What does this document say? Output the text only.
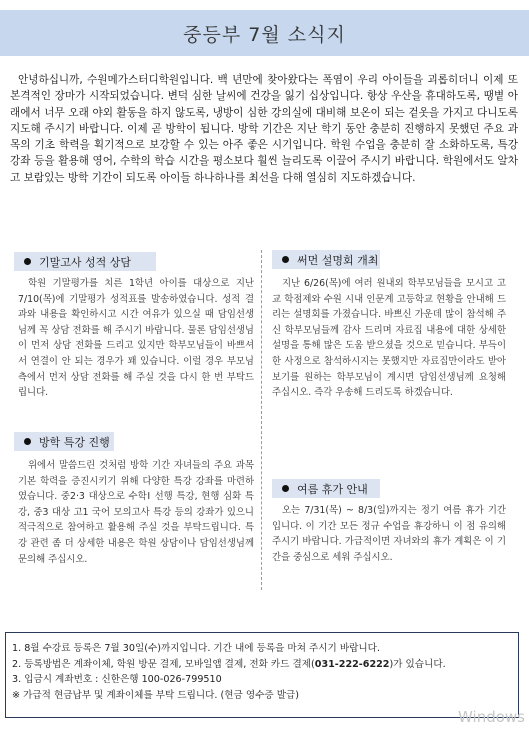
중등부 7월 소식지

안녕하십니까, 수원메가스터디학원입니다. 백 년만에 찾아왔다는 폭염이 우리 아이들을 괴롭히더니 이제 또 본격적인 장마가 시작되었습니다. 변덕 심한 날씨에 건강을 잃기 십상입니다. 항상 우산을 휴대하도록, 땡볕 아래에서 너무 오래 야외 활동을 하지 않도록, 냉방이 심한 강의실에 대비해 보온이 되는 겉옷을 가지고 다니도록 지도해 주시기 바랍니다. 이제 곧 방학이 됩니다. 방학 기간은 지난 학기 동안 충분히 진행하지 못했던 주요 과목의 기초 학력을 획기적으로 보강할 수 있는 아주 좋은 시기입니다. 학원 수업을 충분히 잘 소화하도록, 특강 강좌 등을 활용해 영어, 수학의 학습 시간을 평소보다 훨씬 늘리도록 이끌어 주시기 바랍니다. 학원에서도 알차고 보람있는 방학 기간이 되도록 아이들 하나하나를 최선을 다해 열심히 지도하겠습니다.

기말고사 성적 상담

학원 기말평가를 치른 1학년 아이를 대상으로 지난 7/10(목)에 기말평가 성적표를 발송하였습니다. 성적 결과와 내용을 확인하시고 시간 여유가 있으실 때 담임선생님께 꼭 상담 전화를 해 주시기 바랍니다. 물론 담임선생님이 먼저 상담 전화를 드리고 있지만 학부모님들이 바쁘셔서 연결이 안 되는 경우가 꽤 있습니다. 이럴 경우 부모님측에서 먼저 상담 전화를 해 주실 것을 다시 한 번 부탁드립니다.

방학 특강 진행

위에서 말씀드린 것처럼 방학 기간 자녀들의 주요 과목 기본 학력을 증진시키기 위해 다양한 특강 강좌를 마련하였습니다. 중2·3 대상으로 수학Ⅰ 선행 특강, 현행 심화 특강, 중3 대상 고1 국어 모의고사 특강 등의 강좌가 있으니 적극적으로 참여하고 활용해 주실 것을 부탁드립니다. 특강 관련 좀 더 상세한 내용은 학원 상담이나 담임선생님께 문의해 주십시오.

써먼 설명회 개최

지난 6/26(목)에 여러 원내외 학부모님들을 모시고 고교 학점제와 수원 시내 인문계 고등학교 현황을 안내해 드리는 설명회를 가졌습니다. 바쁘신 가운데 많이 참석해 주신 학부모님들께 감사 드리며 자료집 내용에 대한 상세한 설명을 통해 많은 도움 받으셨을 것으로 믿습니다. 부득이한 사정으로 참석하시지는 못했지만 자료집만이라도 받아 보기를 원하는 학부모님이 계시면 담임선생님께 요청해 주십시오. 즉각 우송해 드리도록 하겠습니다.

여름 휴가 안내

오는 7/31(목) ~ 8/3(일)까지는 정기 여름 휴가 기간입니다. 이 기간 모든 정규 수업을 휴강하니 이 점 유의해 주시기 바랍니다. 가급적이면 자녀와의 휴가 계획은 이 기간을 중심으로 세워 주십시오.

1. 8월 수강료 등록은 7월 30일(수)까지입니다. 기간 내에 등록을 마쳐 주시기 바랍니다.
2. 등록방법은 계좌이체, 학원 방문 결제, 모바일앱 결제, 전화 카드 결제(031-222-6222)가 있습니다.
3. 입금시 계좌번호 : 신한은행 100-026-799510
※ 가급적 현금납부 및 계좌이체를 부탁 드립니다. (현금 영수증 발급)
Windows
